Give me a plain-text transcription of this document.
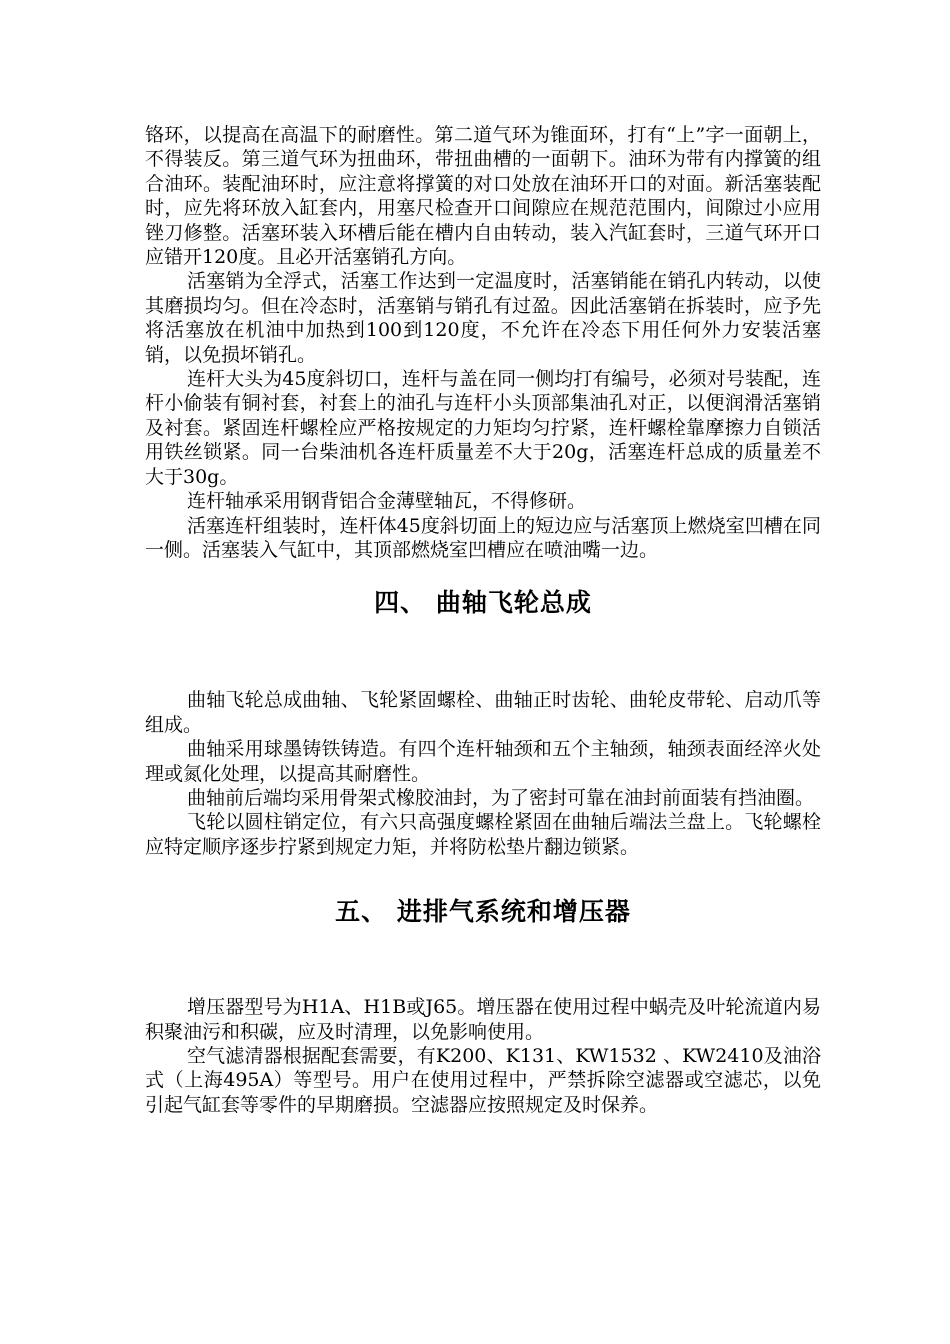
铬环，以提高在高温下的耐磨性。第二道气环为锥面环，打有“上”字一面朝上，不得装反。第三道气环为扭曲环，带扭曲槽的一面朝下。油环为带有内撑簧的组合油环。装配油环时，应注意将撑簧的对口处放在油环开口的对面。新活塞装配时，应先将环放入缸套内，用塞尺检查开口间隙应在规范范围内，间隙过小应用锉刀修整。活塞环装入环槽后能在槽内自由转动，装入汽缸套时，三道气环开口应错开120度。且必开活塞销孔方向。

活塞销为全浮式，活塞工作达到一定温度时，活塞销能在销孔内转动，以使其磨损均匀。但在冷态时，活塞销与销孔有过盈。因此活塞销在拆装时，应予先将活塞放在机油中加热到100到120度，不允许在冷态下用任何外力安装活塞销，以免损坏销孔。

连杆大头为45度斜切口，连杆与盖在同一侧均打有编号，必须对号装配，连杆小偷装有铜衬套，衬套上的油孔与连杆小头顶部集油孔对正，以便润滑活塞销及衬套。紧固连杆螺栓应严格按规定的力矩均匀拧紧，连杆螺栓靠摩擦力自锁活用铁丝锁紧。同一台柴油机各连杆质量差不大于20g，活塞连杆总成的质量差不大于30g。

连杆轴承采用钢背铝合金薄壁轴瓦，不得修研。

活塞连杆组装时，连杆体45度斜切面上的短边应与活塞顶上燃烧室凹槽在同一侧。活塞装入气缸中，其顶部燃烧室凹槽应在喷油嘴一边。

四、 曲轴飞轮总成

曲轴飞轮总成曲轴、飞轮紧固螺栓、曲轴正时齿轮、曲轮皮带轮、启动爪等组成。

曲轴采用球墨铸铁铸造。有四个连杆轴颈和五个主轴颈，轴颈表面经淬火处理或氮化处理，以提高其耐磨性。

曲轴前后端均采用骨架式橡胶油封，为了密封可靠在油封前面装有挡油圈。

飞轮以圆柱销定位，有六只高强度螺栓紧固在曲轴后端法兰盘上。飞轮螺栓应特定顺序逐步拧紧到规定力矩，并将防松垫片翻边锁紧。

五、 进排气系统和增压器

增压器型号为H1A、H1B或J65。增压器在使用过程中蜗壳及叶轮流道内易积聚油污和积碳，应及时清理，以免影响使用。

空气滤清器根据配套需要，有K200、K131、KW1532 、KW2410及油浴式（上海495A）等型号。用户在使用过程中，严禁拆除空滤器或空滤芯，以免引起气缸套等零件的早期磨损。空滤器应按照规定及时保养。
